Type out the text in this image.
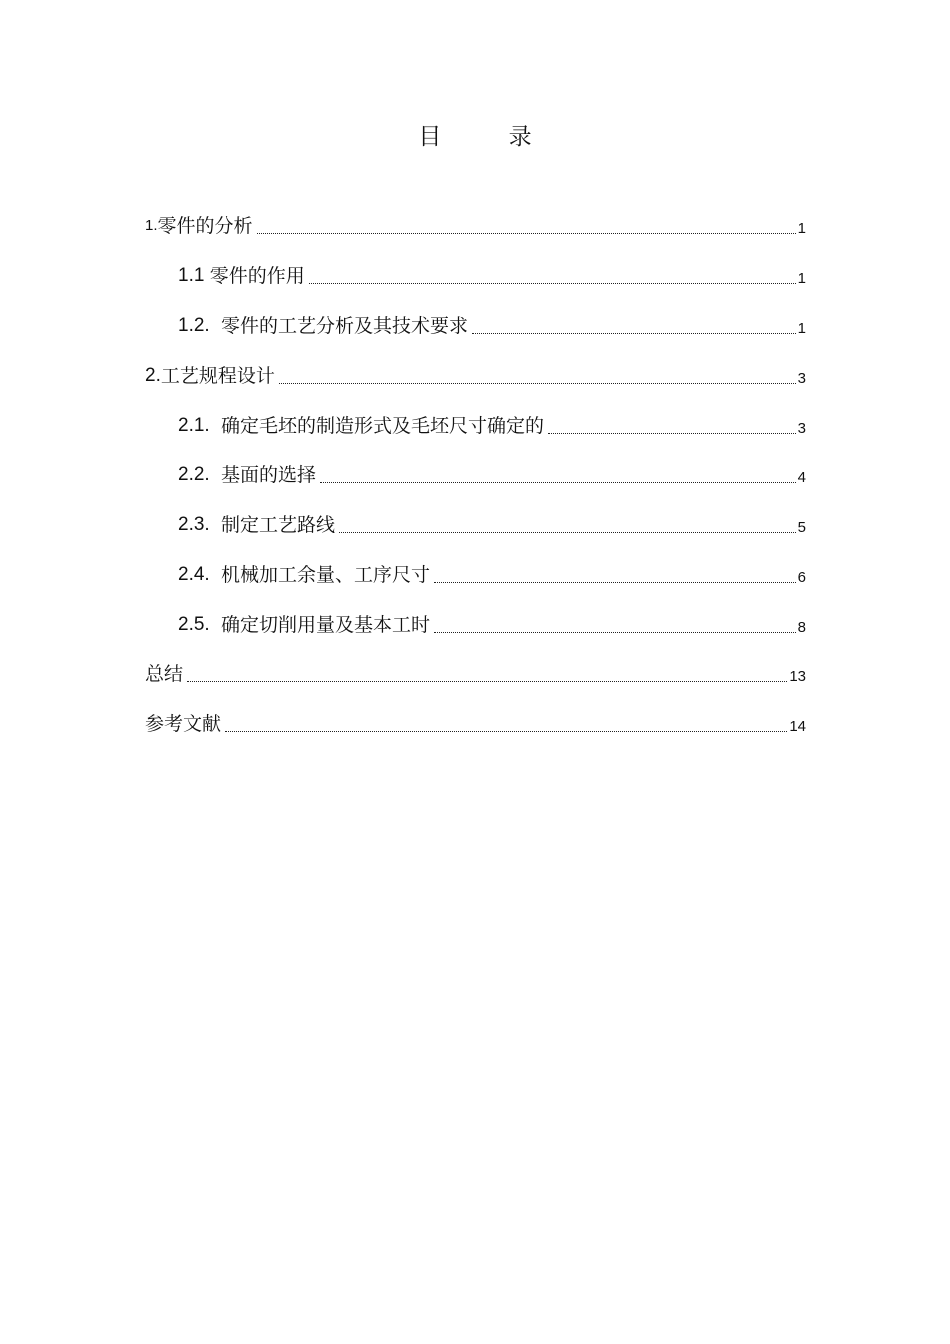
目 录
1. 零件的分析	1
1.1 零件的作用	1
1.2. 零件的工艺分析及其技术要求	1
2. 工艺规程设计	3
2.1. 确定毛坯的制造形式及毛坯尺寸确定的	3
2.2. 基面的选择	4
2.3. 制定工艺路线	5
2.4. 机械加工余量、工序尺寸	6
2.5. 确定切削用量及基本工时	8
总结	13
参考文献	14
